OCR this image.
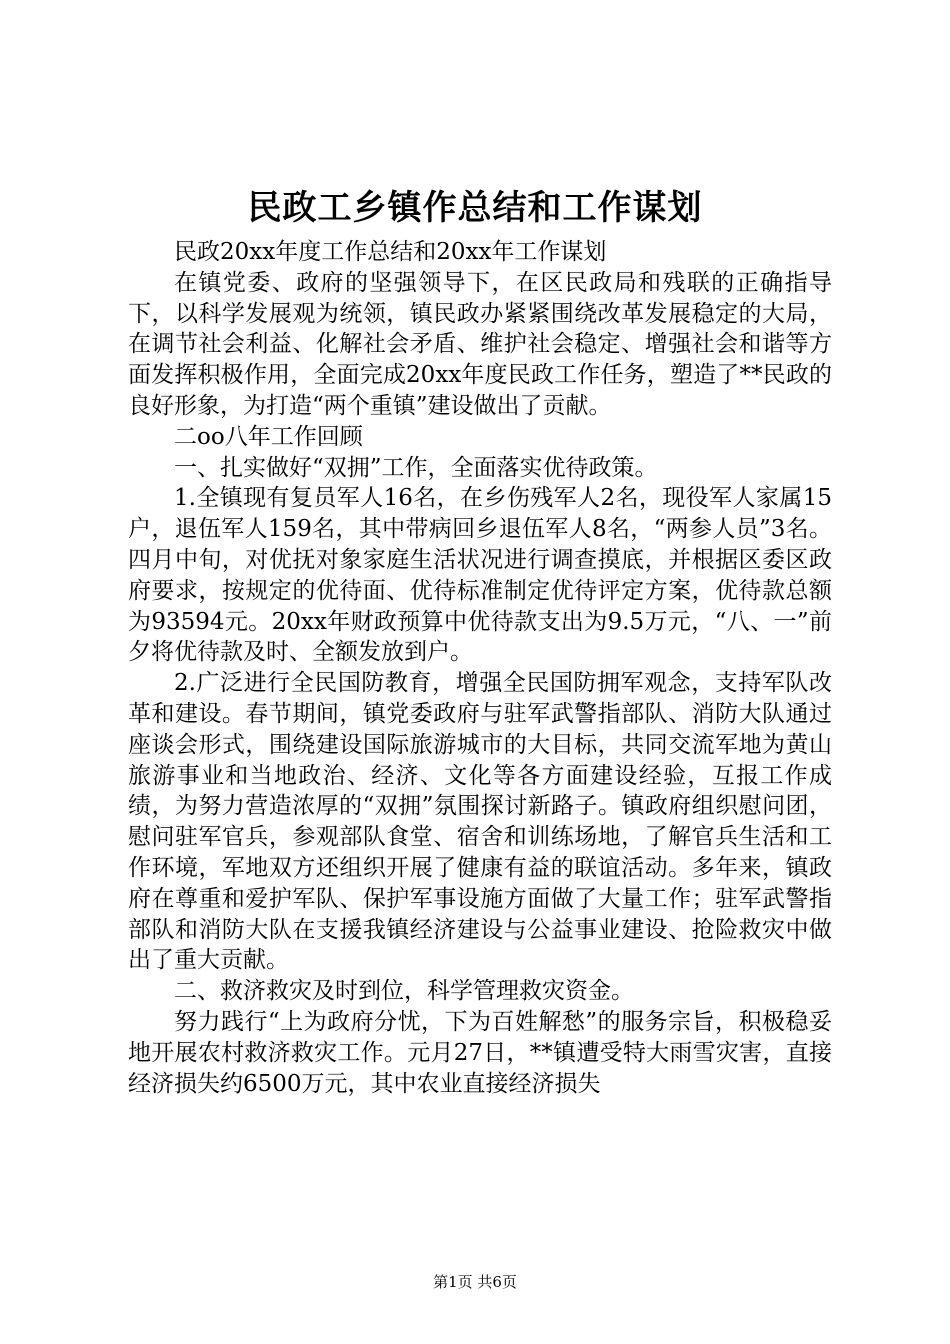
民政工乡镇作总结和工作谋划

民政20xx年度工作总结和20xx年工作谋划

在镇党委、政府的坚强领导下，在区民政局和残联的正确指导下，以科学发展观为统领，镇民政办紧紧围绕改革发展稳定的大局，在调节社会利益、化解社会矛盾、维护社会稳定、增强社会和谐等方面发挥积极作用，全面完成20xx年度民政工作任务，塑造了**民政的良好形象，为打造“两个重镇”建设做出了贡献。

二oo八年工作回顾

一、扎实做好“双拥”工作，全面落实优待政策。

1.全镇现有复员军人16名，在乡伤残军人2名，现役军人家属15户，退伍军人159名，其中带病回乡退伍军人8名，“两参人员”3名。四月中旬，对优抚对象家庭生活状况进行调查摸底，并根据区委区政府要求，按规定的优待面、优待标准制定优待评定方案，优待款总额为93594元。20xx年财政预算中优待款支出为9.5万元，“八、一”前夕将优待款及时、全额发放到户。

2.广泛进行全民国防教育，增强全民国防拥军观念，支持军队改革和建设。春节期间，镇党委政府与驻军武警指部队、消防大队通过座谈会形式，围绕建设国际旅游城市的大目标，共同交流军地为黄山旅游事业和当地政治、经济、文化等各方面建设经验，互报工作成绩，为努力营造浓厚的“双拥”氛围探讨新路子。镇政府组织慰问团，慰问驻军官兵，参观部队食堂、宿舍和训练场地，了解官兵生活和工作环境，军地双方还组织开展了健康有益的联谊活动。多年来，镇政府在尊重和爱护军队、保护军事设施方面做了大量工作；驻军武警指部队和消防大队在支援我镇经济建设与公益事业建设、抢险救灾中做出了重大贡献。

二、救济救灾及时到位，科学管理救灾资金。

努力践行“上为政府分忧，下为百姓解愁”的服务宗旨，积极稳妥地开展农村救济救灾工作。元月27日，**镇遭受特大雨雪灾害，直接经济损失约6500万元，其中农业直接经济损失

第1页 共6页
